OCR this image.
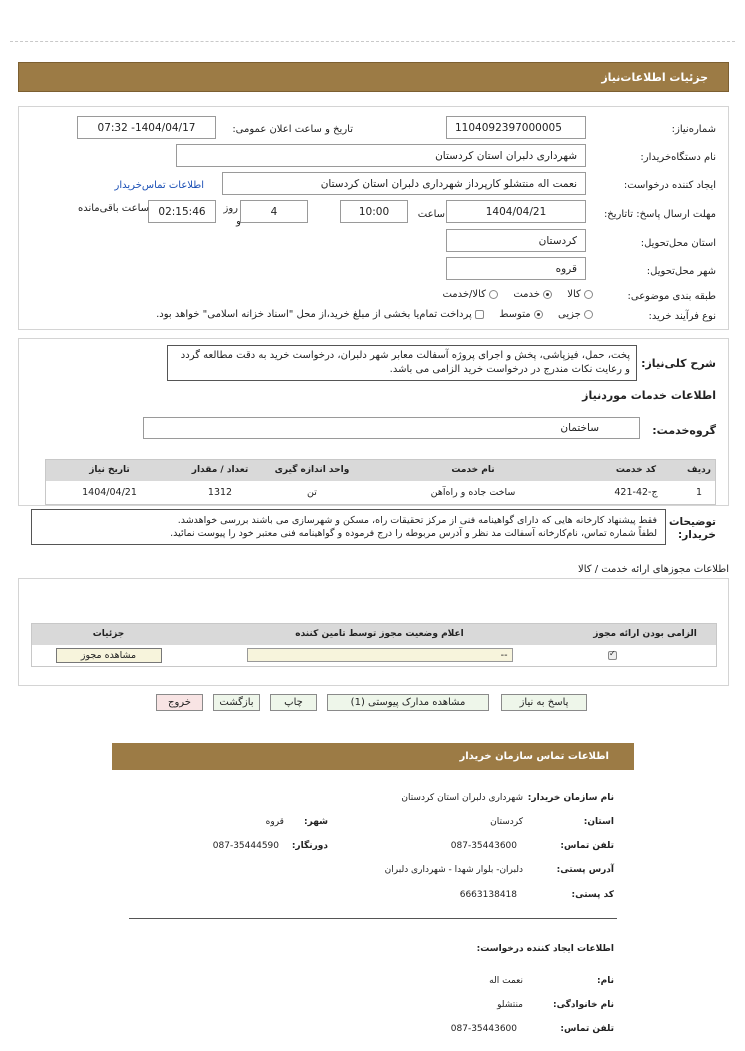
جزئیات اطلاعات‌نیاز
شماره‌نیاز:
1104092397000005
تاریخ و ساعت اعلان عمومی:
1404/04/17- 07:32
نام دستگاه‌خریدار:
شهرداری دلبران استان کردستان
ایجاد کننده درخواست:
نعمت اله منتشلو کارپرداز شهرداری دلبران استان کردستان
اطلاعات تماس‌خریدار
مهلت ارسال پاسخ: تاتاریخ:
1404/04/21
ساعت
10:00
4
روز
و
02:15:46
ساعت باقی‌مانده
استان محل‌تحویل:
کردستان
شهر محل‌تحویل:
قروه
طبقه بندی موضوعی:
کالا  خدمت  کالا/خدمت
نوع فرآیند خرید:
جزیی  متوسط  پرداخت تمام‌یا بخشی از مبلغ خرید،از محل "اسناد خزانه اسلامی" خواهد بود.
شرح کلی‌نیاز:
پخت، حمل، فیزپاشی، پخش و اجرای پروژه آسفالت معابر شهر دلبران، درخواست خرید به دقت مطالعه گردد
و رعایت نکات مندرج در درخواست خرید الزامی می باشد.
اطلاعات خدمات موردنیاز
گروه‌خدمت:
ساختمان
ردیف	کد خدمت	نام خدمت	واحد اندازه گیری	تعداد / مقدار	تاریخ نیاز
1	ج-42-421	ساخت جاده و راه‌آهن	تن	1312	1404/04/21
توضیحات
خریدار:
فقط پیشنهاد کارخانه هایی که دارای گواهینامه فنی از مرکز تحقیقات راه، مسکن و شهرسازی می باشند بررسی خواهدشد.
لطفاً شماره تماس، نام‌کارخانه آسفالت مد نظر و آدرس مربوطه را درج فرموده و گواهینامه فنی معتبر خود را پیوست نمائید.
اطلاعات مجوزهای ارائه خدمت / کالا
الزامی بودن ارائه مجوز	اعلام وضعیت مجوز توسط تامین کننده	جزئیات

✓	--	مشاهده مجوز
پاسخ به نیاز
مشاهده مدارک پیوستی (1)
چاپ
بازگشت
خروج
اطلاعات تماس سازمان خریدار
نام سازمان خریدار:
شهرداری دلبران استان کردستان
استان:
کردستان
شهر:
قروه
تلفن تماس:
087-35443600
دورنگار:
087-35444590
آدرس پستی:
دلبران- بلوار شهدا - شهرداری دلبران
کد پستی:
6663138418
اطلاعات ایجاد کننده درخواست:
نام:
نعمت اله
نام خانوادگی:
منتشلو
تلفن تماس:
087-35443600
